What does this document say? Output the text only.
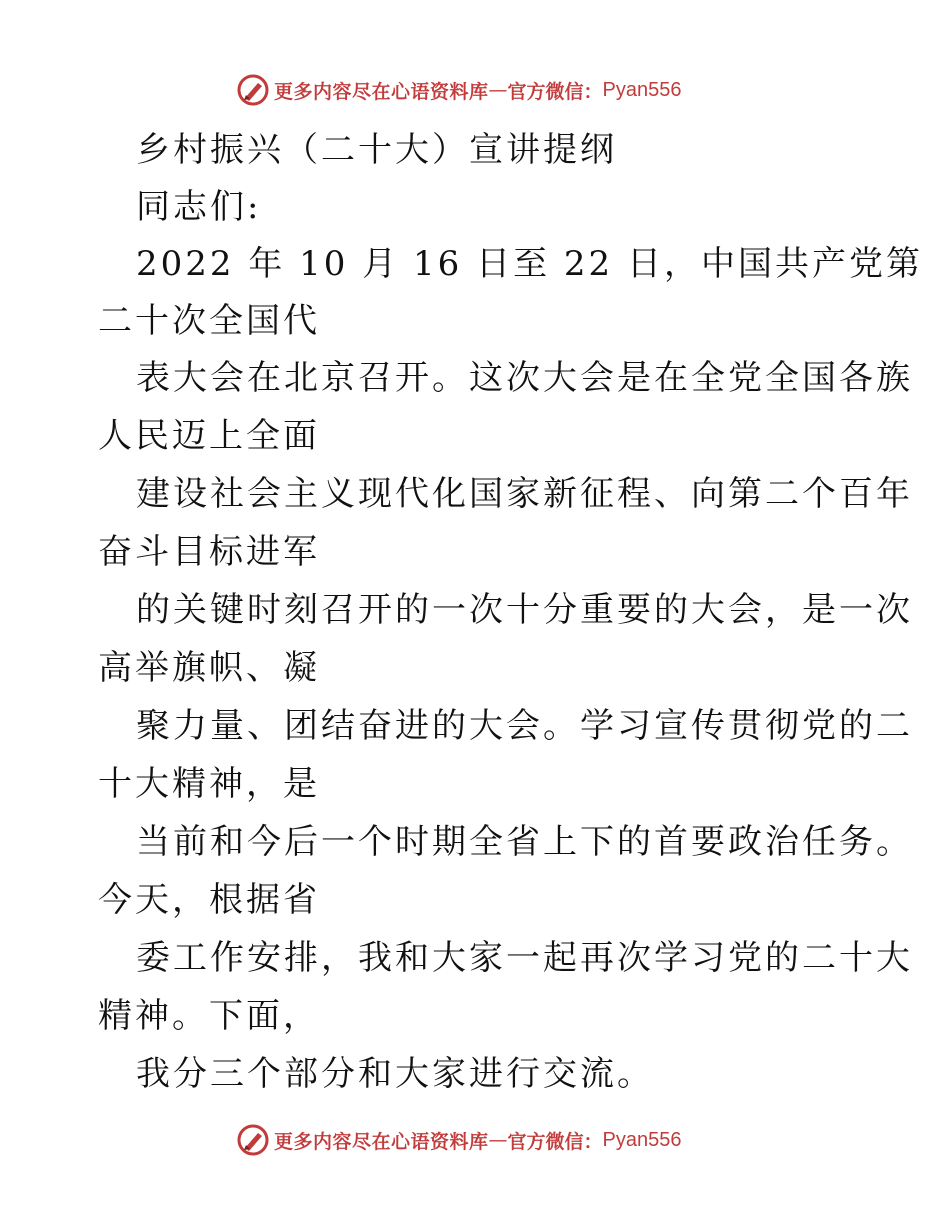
更多内容尽在心语资料库 — 官方微信： Pyan556
乡村振兴（二十大）宣讲提纲
同志们:
2022 年 10 月 16 日至 22 日，中国共产党第
二十次全国代
表大会在北京召开。这次大会是在全党全国各族
人民迈上全面
建设社会主义现代化国家新征程、向第二个百年
奋斗目标进军
的关键时刻召开的一次十分重要的大会，是一次
高举旗帜、凝
聚力量、团结奋进的大会。学习宣传贯彻党的二
十大精神，是
当前和今后一个时期全省上下的首要政治任务。
今天，根据省
委工作安排，我和大家一起再次学习党的二十大
精神。下面，
我分三个部分和大家进行交流。
更多内容尽在心语资料库 — 官方微信： Pyan556
